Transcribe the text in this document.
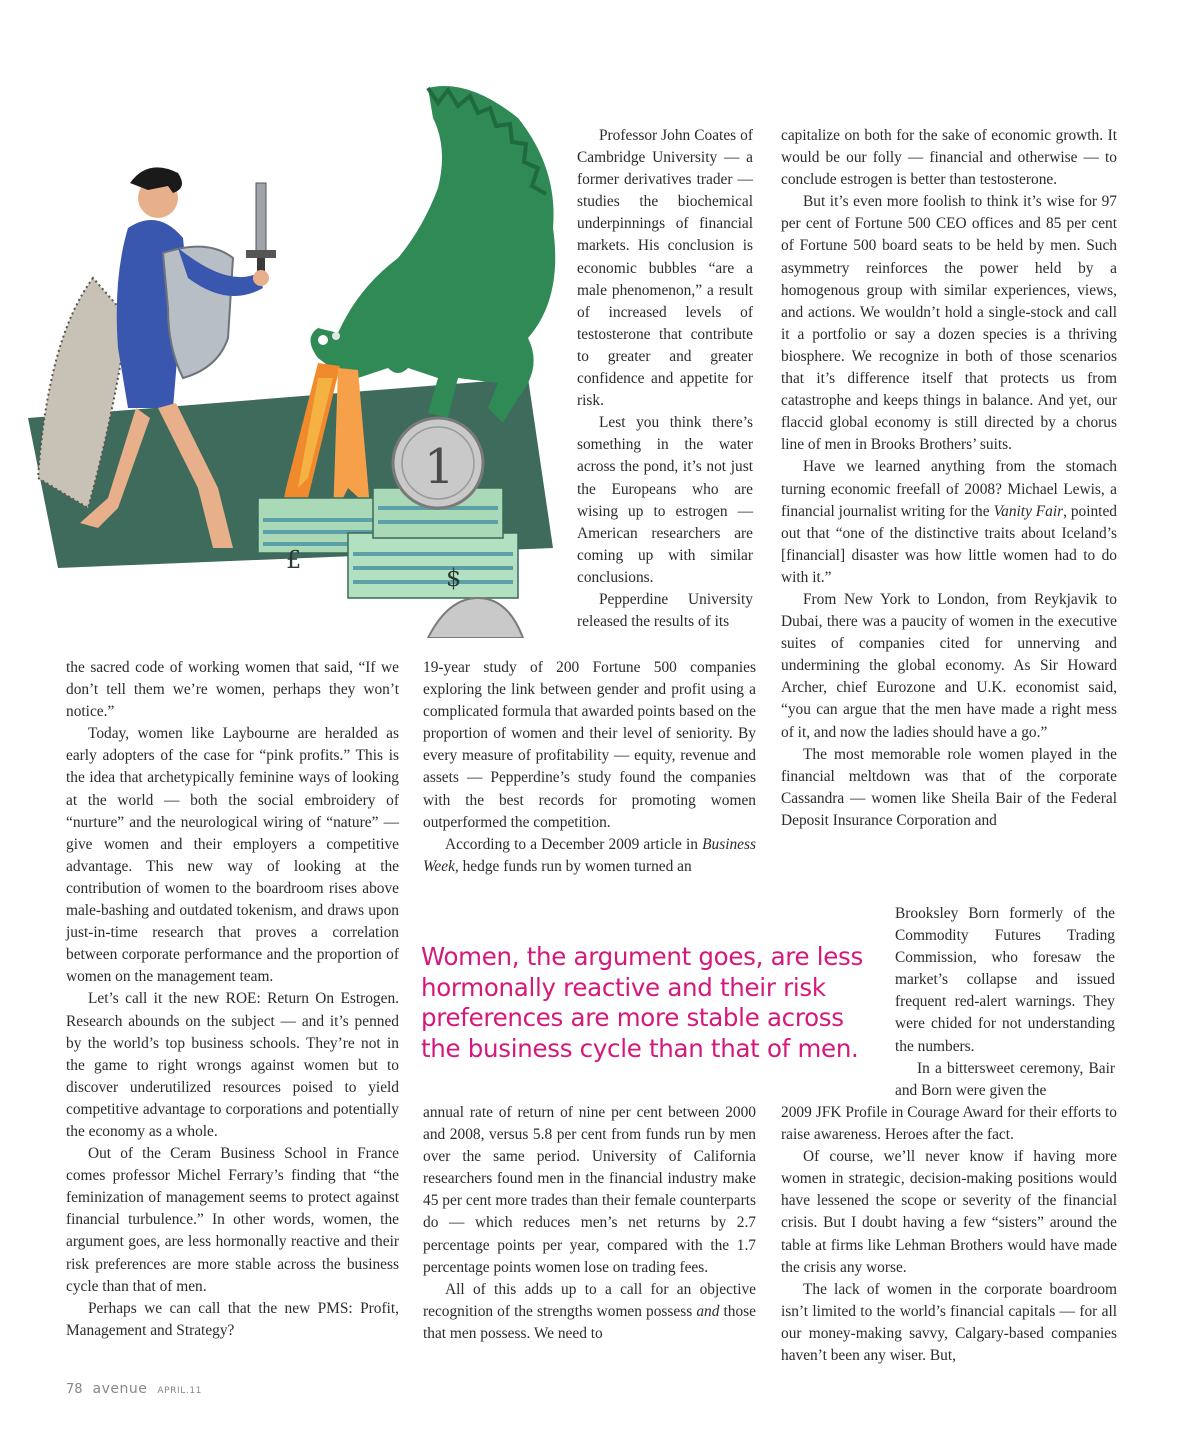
£
$
1

Professor John Coates of Cambridge University — a former derivatives trader — studies the biochemical underpinnings of financial markets. His conclusion is economic bubbles “are a male phenomenon,” a result of increased levels of testosterone that contribute to greater and greater confidence and appetite for risk.

Lest you think there’s something in the water across the pond, it’s not just the Europeans who are wising up to estrogen — American researchers are coming up with similar conclusions.

Pepperdine University released the results of its

19-year study of 200 Fortune 500 companies exploring the link between gender and profit using a complicated formula that awarded points based on the proportion of women and their level of seniority. By every measure of profitability — equity, revenue and assets — Pepperdine’s study found the companies with the best records for promoting women outperformed the competition.

According to a December 2009 article in Business Week, hedge funds run by women turned an

Women, the argument goes, are less hormonally reactive and their risk preferences are more stable across the business cycle than that of men.

annual rate of return of nine per cent between 2000 and 2008, versus 5.8 per cent from funds run by men over the same period. University of California researchers found men in the financial industry make 45 per cent more trades than their female counterparts do — which reduces men’s net returns by 2.7 percentage points per year, compared with the 1.7 percentage points women lose on trading fees.

All of this adds up to a call for an objective recognition of the strengths women possess and those that men possess. We need to

the sacred code of working women that said, “If we don’t tell them we’re women, perhaps they won’t notice.”

Today, women like Laybourne are heralded as early adopters of the case for “pink profits.” This is the idea that archetypically feminine ways of looking at the world — both the social embroidery of “nurture” and the neurological wiring of “nature” — give women and their employers a competitive advantage. This new way of looking at the contribution of women to the boardroom rises above male-bashing and outdated tokenism, and draws upon just-in-time research that proves a correlation between corporate performance and the proportion of women on the management team.

Let’s call it the new ROE: Return On Estrogen. Research abounds on the subject — and it’s penned by the world’s top business schools. They’re not in the game to right wrongs against women but to discover underutilized resources poised to yield competitive advantage to corporations and potentially the economy as a whole.

Out of the Ceram Business School in France comes professor Michel Ferrary’s finding that “the feminization of management seems to protect against financial turbulence.” In other words, women, the argument goes, are less hormonally reactive and their risk preferences are more stable across the business cycle than that of men.

Perhaps we can call that the new PMS: Profit, Management and Strategy?

capitalize on both for the sake of economic growth. It would be our folly — financial and otherwise — to conclude estrogen is better than testosterone.

But it’s even more foolish to think it’s wise for 97 per cent of Fortune 500 CEO offices and 85 per cent of Fortune 500 board seats to be held by men. Such asymmetry reinforces the power held by a homogenous group with similar experiences, views, and actions. We wouldn’t hold a single-stock and call it a portfolio or say a dozen species is a thriving biosphere. We recognize in both of those scenarios that it’s difference itself that protects us from catastrophe and keeps things in balance. And yet, our flaccid global economy is still directed by a chorus line of men in Brooks Brothers’ suits.

Have we learned anything from the stomach turning economic freefall of 2008? Michael Lewis, a financial journalist writing for the Vanity Fair, pointed out that “one of the distinctive traits about Iceland’s [financial] disaster was how little women had to do with it.”

From New York to London, from Reykjavik to Dubai, there was a paucity of women in the executive suites of companies cited for unnerving and undermining the global economy. As Sir Howard Archer, chief Eurozone and U.K. economist said, “you can argue that the men have made a right mess of it, and now the ladies should have a go.”

The most memorable role women played in the financial meltdown was that of the corporate Cassandra — women like Sheila Bair of the Federal Deposit Insurance Corporation and

Brooksley Born formerly of the Commodity Futures Trading Commission, who foresaw the market’s collapse and issued frequent red-alert warnings. They were chided for not understanding the numbers.

In a bittersweet ceremony, Bair and Born were given the

2009 JFK Profile in Courage Award for their efforts to raise awareness. Heroes after the fact.

Of course, we’ll never know if having more women in strategic, decision-making positions would have lessened the scope or severity of the financial crisis. But I doubt having a few “sisters” around the table at firms like Lehman Brothers would have made the crisis any worse.

The lack of women in the corporate boardroom isn’t limited to the world’s financial capitals — for all our money-making savvy, Calgary-based companies haven’t been any wiser. But,

78 avenue APRIL.11
